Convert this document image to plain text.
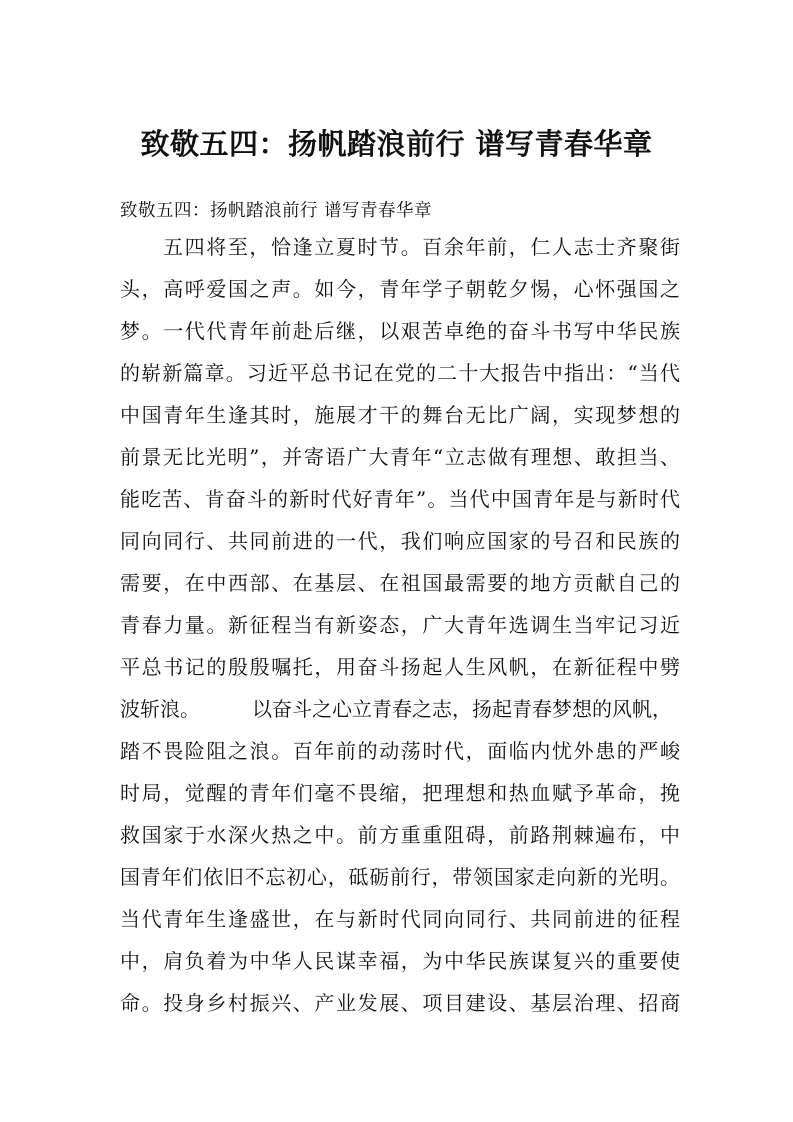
致敬五四：扬帆踏浪前行 谱写青春华章
致敬五四：扬帆踏浪前行 谱写青春华章
五四将至，恰逢立夏时节。百余年前，仁人志士齐聚街
头，高呼爱国之声。如今，青年学子朝乾夕惕，心怀强国之
梦。一代代青年前赴后继，以艰苦卓绝的奋斗书写中华民族
的崭新篇章。习近平总书记在党的二十大报告中指出：“当代
中国青年生逢其时，施展才干的舞台无比广阔，实现梦想的
前景无比光明”，并寄语广大青年“立志做有理想、敢担当、
能吃苦、肯奋斗的新时代好青年”。当代中国青年是与新时代
同向同行、共同前进的一代，我们响应国家的号召和民族的
需要，在中西部、在基层、在祖国最需要的地方贡献自己的
青春力量。新征程当有新姿态，广大青年选调生当牢记习近
平总书记的殷殷嘱托，用奋斗扬起人生风帆，在新征程中劈
波斩浪。	以奋斗之心立青春之志，扬起青春梦想的风帆，
踏不畏险阻之浪。百年前的动荡时代，面临内忧外患的严峻
时局，觉醒的青年们毫不畏缩，把理想和热血赋予革命，挽
救国家于水深火热之中。前方重重阻碍，前路荆棘遍布，中
国青年们依旧不忘初心，砥砺前行，带领国家走向新的光明。
当代青年生逢盛世，在与新时代同向同行、共同前进的征程
中，肩负着为中华人民谋幸福，为中华民族谋复兴的重要使
命。投身乡村振兴、产业发展、项目建设、基层治理、招商
